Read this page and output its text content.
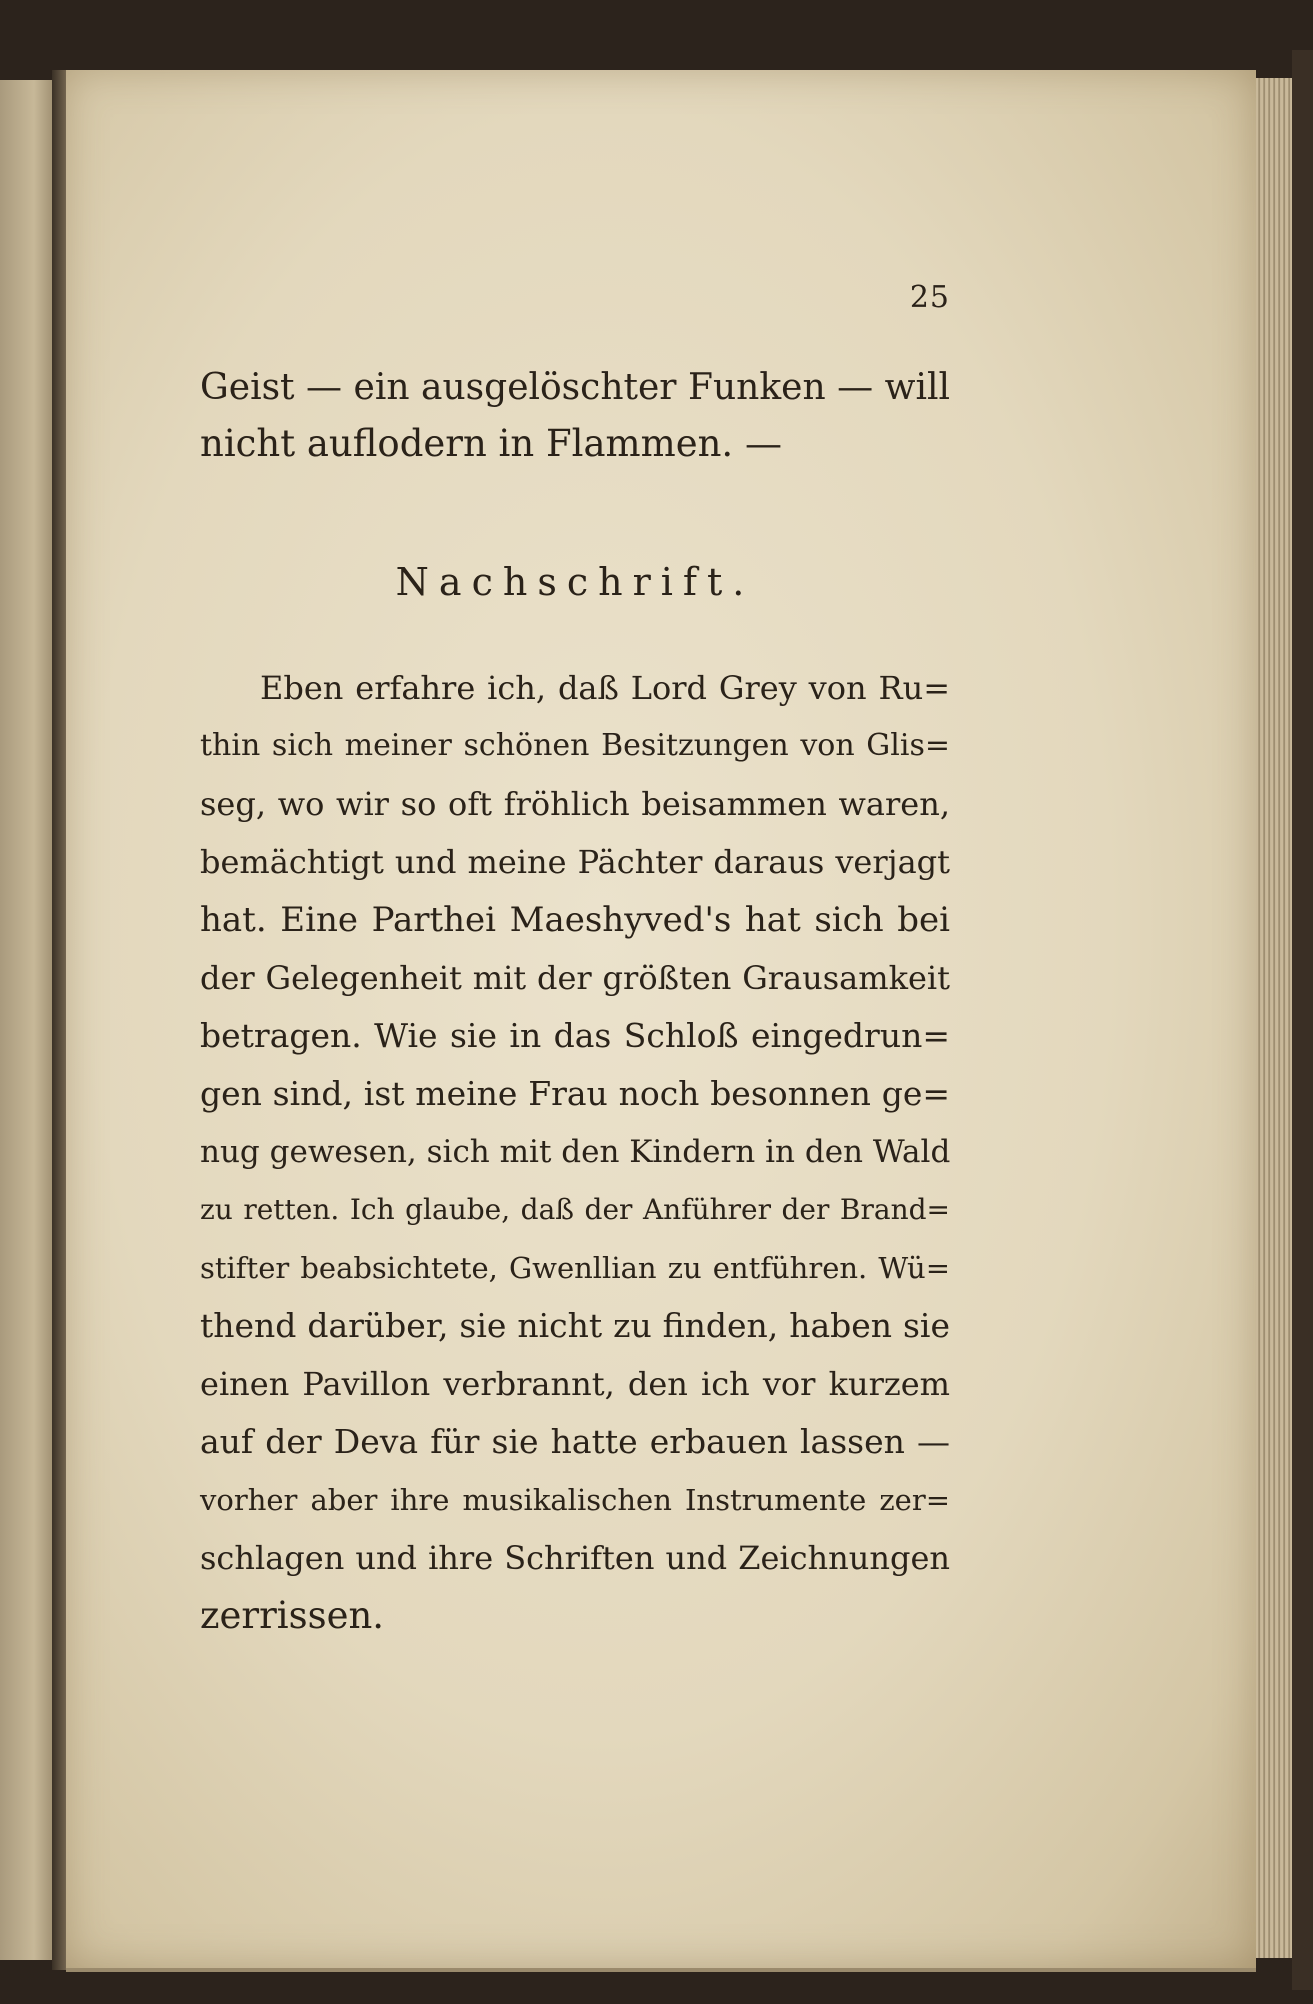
25
Geist — ein ausgelöschter Funken — will
nicht auflodern in Flammen. —
Nachschrift.
Eben erfahre ich, daß Lord Grey von Ru=
thin sich meiner schönen Besitzungen von Glis=
seg, wo wir so oft fröhlich beisammen waren,
bemächtigt und meine Pächter daraus verjagt
hat. Eine Parthei Maeshyved's hat sich bei
der Gelegenheit mit der größten Grausamkeit
betragen. Wie sie in das Schloß eingedrun=
gen sind, ist meine Frau noch besonnen ge=
nug gewesen, sich mit den Kindern in den Wald
zu retten. Ich glaube, daß der Anführer der Brand=
stifter beabsichtete, Gwenllian zu entführen. Wü=
thend darüber, sie nicht zu finden, haben sie
einen Pavillon verbrannt, den ich vor kurzem
auf der Deva für sie hatte erbauen lassen —
vorher aber ihre musikalischen Instrumente zer=
schlagen und ihre Schriften und Zeichnungen
zerrissen.
